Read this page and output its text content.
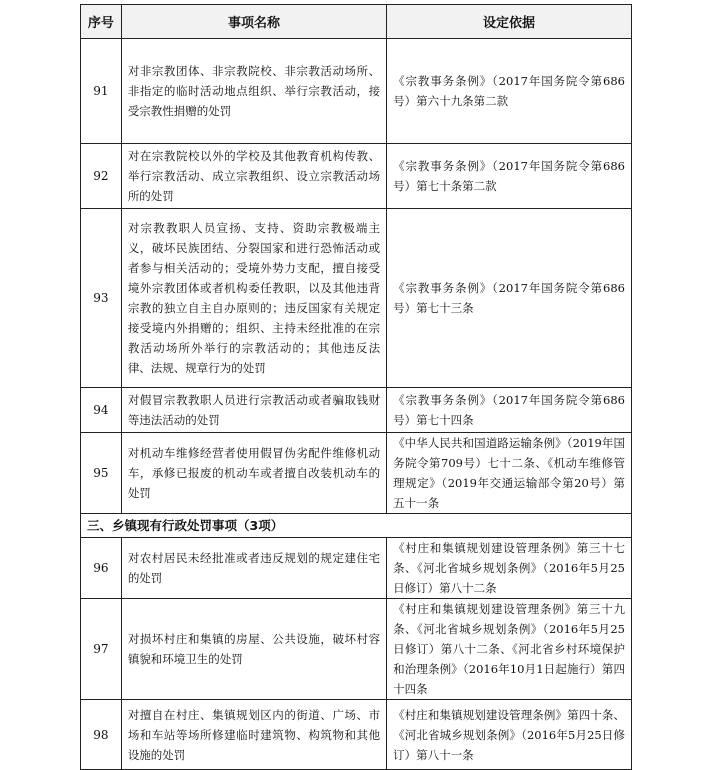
序号	事项名称	设定依据
91	对非宗教团体、非宗教院校、非宗教活动场所、非指定的临时活动地点组织、举行宗教活动，接受宗教性捐赠的处罚	《宗教事务条例》（2017年国务院令第686号）第六十九条第二款
92	对在宗教院校以外的学校及其他教育机构传教、举行宗教活动、成立宗教组织、设立宗教活动场所的处罚	《宗教事务条例》（2017年国务院令第686号）第七十条第二款
93	对宗教教职人员宣扬、支持、资助宗教极端主义，破坏民族团结、分裂国家和进行恐怖活动或者参与相关活动的；受境外势力支配，擅自接受境外宗教团体或者机构委任教职，以及其他违背宗教的独立自主自办原则的；违反国家有关规定接受境内外捐赠的；组织、主持未经批准的在宗教活动场所外举行的宗教活动的；其他违反法律、法规、规章行为的处罚	《宗教事务条例》（2017年国务院令第686号）第七十三条
94	对假冒宗教教职人员进行宗教活动或者骗取钱财等违法活动的处罚	《宗教事务条例》（2017年国务院令第686号）第七十四条
95	对机动车维修经营者使用假冒伪劣配件维修机动车，承修已报废的机动车或者擅自改装机动车的处罚	《中华人民共和国道路运输条例》（2019年国务院令第709号）七十二条、《机动车维修管理规定》（2019年交通运输部令第20号）第五十一条
三、乡镇现有行政处罚事项（3项）		
96	对农村居民未经批准或者违反规划的规定建住宅的处罚	《村庄和集镇规划建设管理条例》第三十七条、《河北省城乡规划条例》（2016年5月25日修订）第八十二条
97	对损坏村庄和集镇的房屋、公共设施，破坏村容镇貌和环境卫生的处罚	《村庄和集镇规划建设管理条例》第三十九条、《河北省城乡规划条例》（2016年5月25日修订）第八十二条、《河北省乡村环境保护和治理条例》（2016年10月1日起施行）第四十四条
98	对擅自在村庄、集镇规划区内的街道、广场、市场和车站等场所修建临时建筑物、构筑物和其他设施的处罚	《村庄和集镇规划建设管理条例》第四十条、《河北省城乡规划条例》（2016年5月25日修订）第八十一条
